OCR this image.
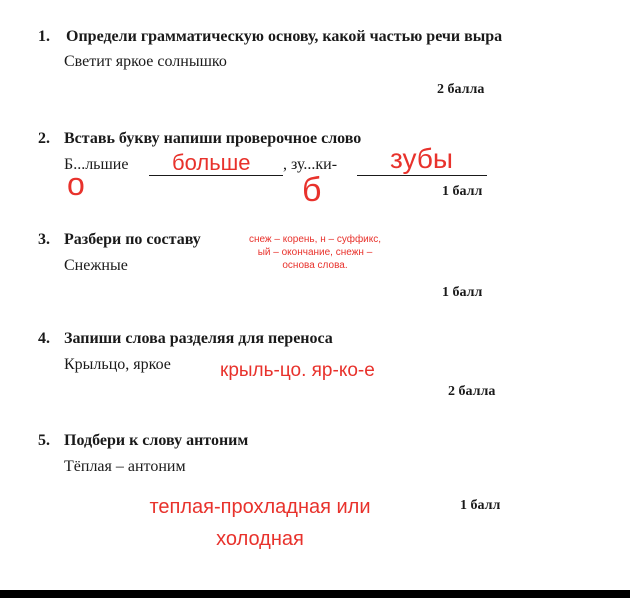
1. Определи грамматическую основу, какой частью речи выра
Светит яркое солнышко
2 балла
2. Вставь букву напиши проверочное слово
Б...льшие больше , зу...ки- зубы
о	б	1 балл
3. Разбери по составу
Снежные
снеж – корень, н – суффикс, ый – окончание, снежн – основа слова.
1 балл
4. Запиши слова разделяя для переноса
Крыльцо, яркое	крыль-цо. яр-ко-е
2 балла
5. Подбери к слову антоним
Тёплая – антоним
теплая-прохладная или
холодная
1 балл
